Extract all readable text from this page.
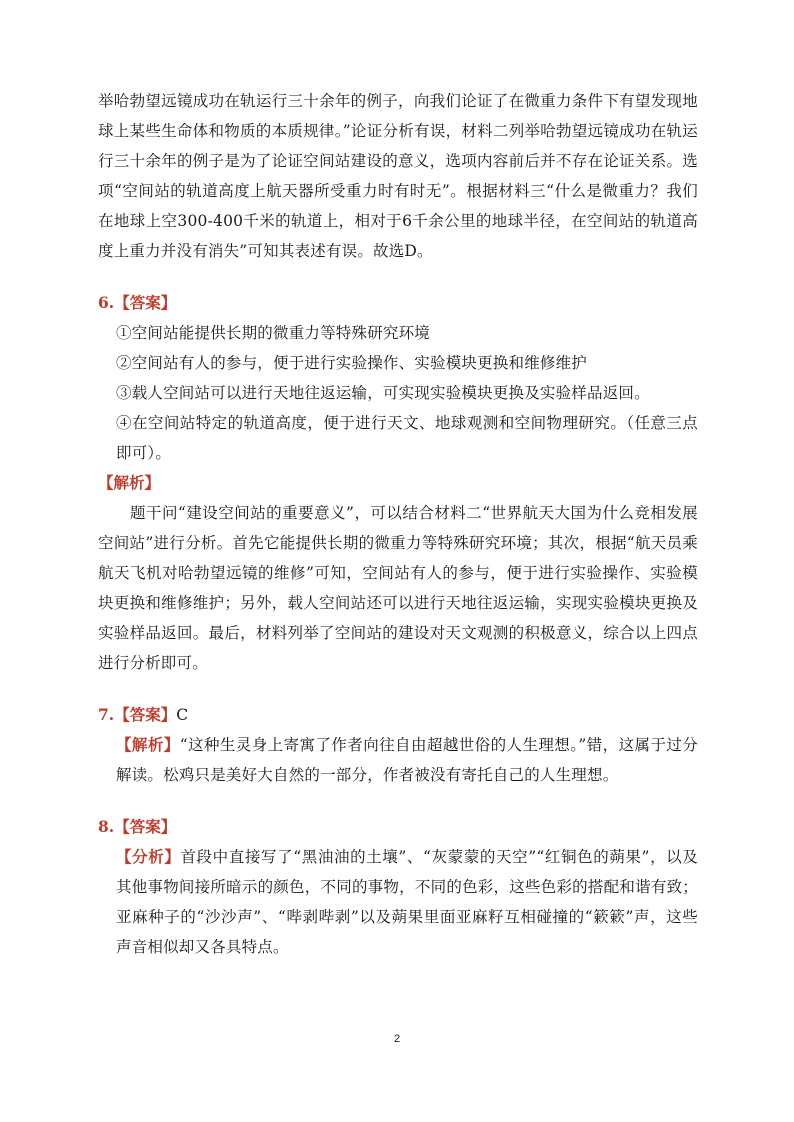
举哈勃望远镜成功在轨运行三十余年的例子，向我们论证了在微重力条件下有望发现地球上某些生命体和物质的本质规律。”论证分析有误，材料二列举哈勃望远镜成功在轨运行三十余年的例子是为了论证空间站建设的意义，选项内容前后并不存在论证关系。选项“空间站的轨道高度上航天器所受重力时有时无”。根据材料三“什么是微重力？我们在地球上空300-400千米的轨道上，相对于6千余公里的地球半径，在空间站的轨道高度上重力并没有消失”可知其表述有误。故选D。

6.【答案】

①空间站能提供长期的微重力等特殊研究环境

②空间站有人的参与，便于进行实验操作、实验模块更换和维修维护

③载人空间站可以进行天地往返运输，可实现实验模块更换及实验样品返回。

④在空间站特定的轨道高度，便于进行天文、地球观测和空间物理研究。（任意三点即可）。

【解析】

题干问“建设空间站的重要意义”，可以结合材料二“世界航天大国为什么竞相发展空间站”进行分析。首先它能提供长期的微重力等特殊研究环境；其次，根据“航天员乘航天飞机对哈勃望远镜的维修”可知，空间站有人的参与，便于进行实验操作、实验模块更换和维修维护；另外，载人空间站还可以进行天地往返运输，实现实验模块更换及实验样品返回。最后，材料列举了空间站的建设对天文观测的积极意义，综合以上四点进行分析即可。

7.【答案】C

【解析】“这种生灵身上寄寓了作者向往自由超越世俗的人生理想。”错，这属于过分解读。松鸡只是美好大自然的一部分，作者被没有寄托自己的人生理想。

8.【答案】

【分析】首段中直接写了“黑油油的土壤”、“灰蒙蒙的天空”“红铜色的蒴果”，以及其他事物间接所暗示的颜色，不同的事物，不同的色彩，这些色彩的搭配和谐有致；亚麻种子的“沙沙声”、“哔剥哔剥”以及蒴果里面亚麻籽互相碰撞的“簌簌”声，这些声音相似却又各具特点。

2
